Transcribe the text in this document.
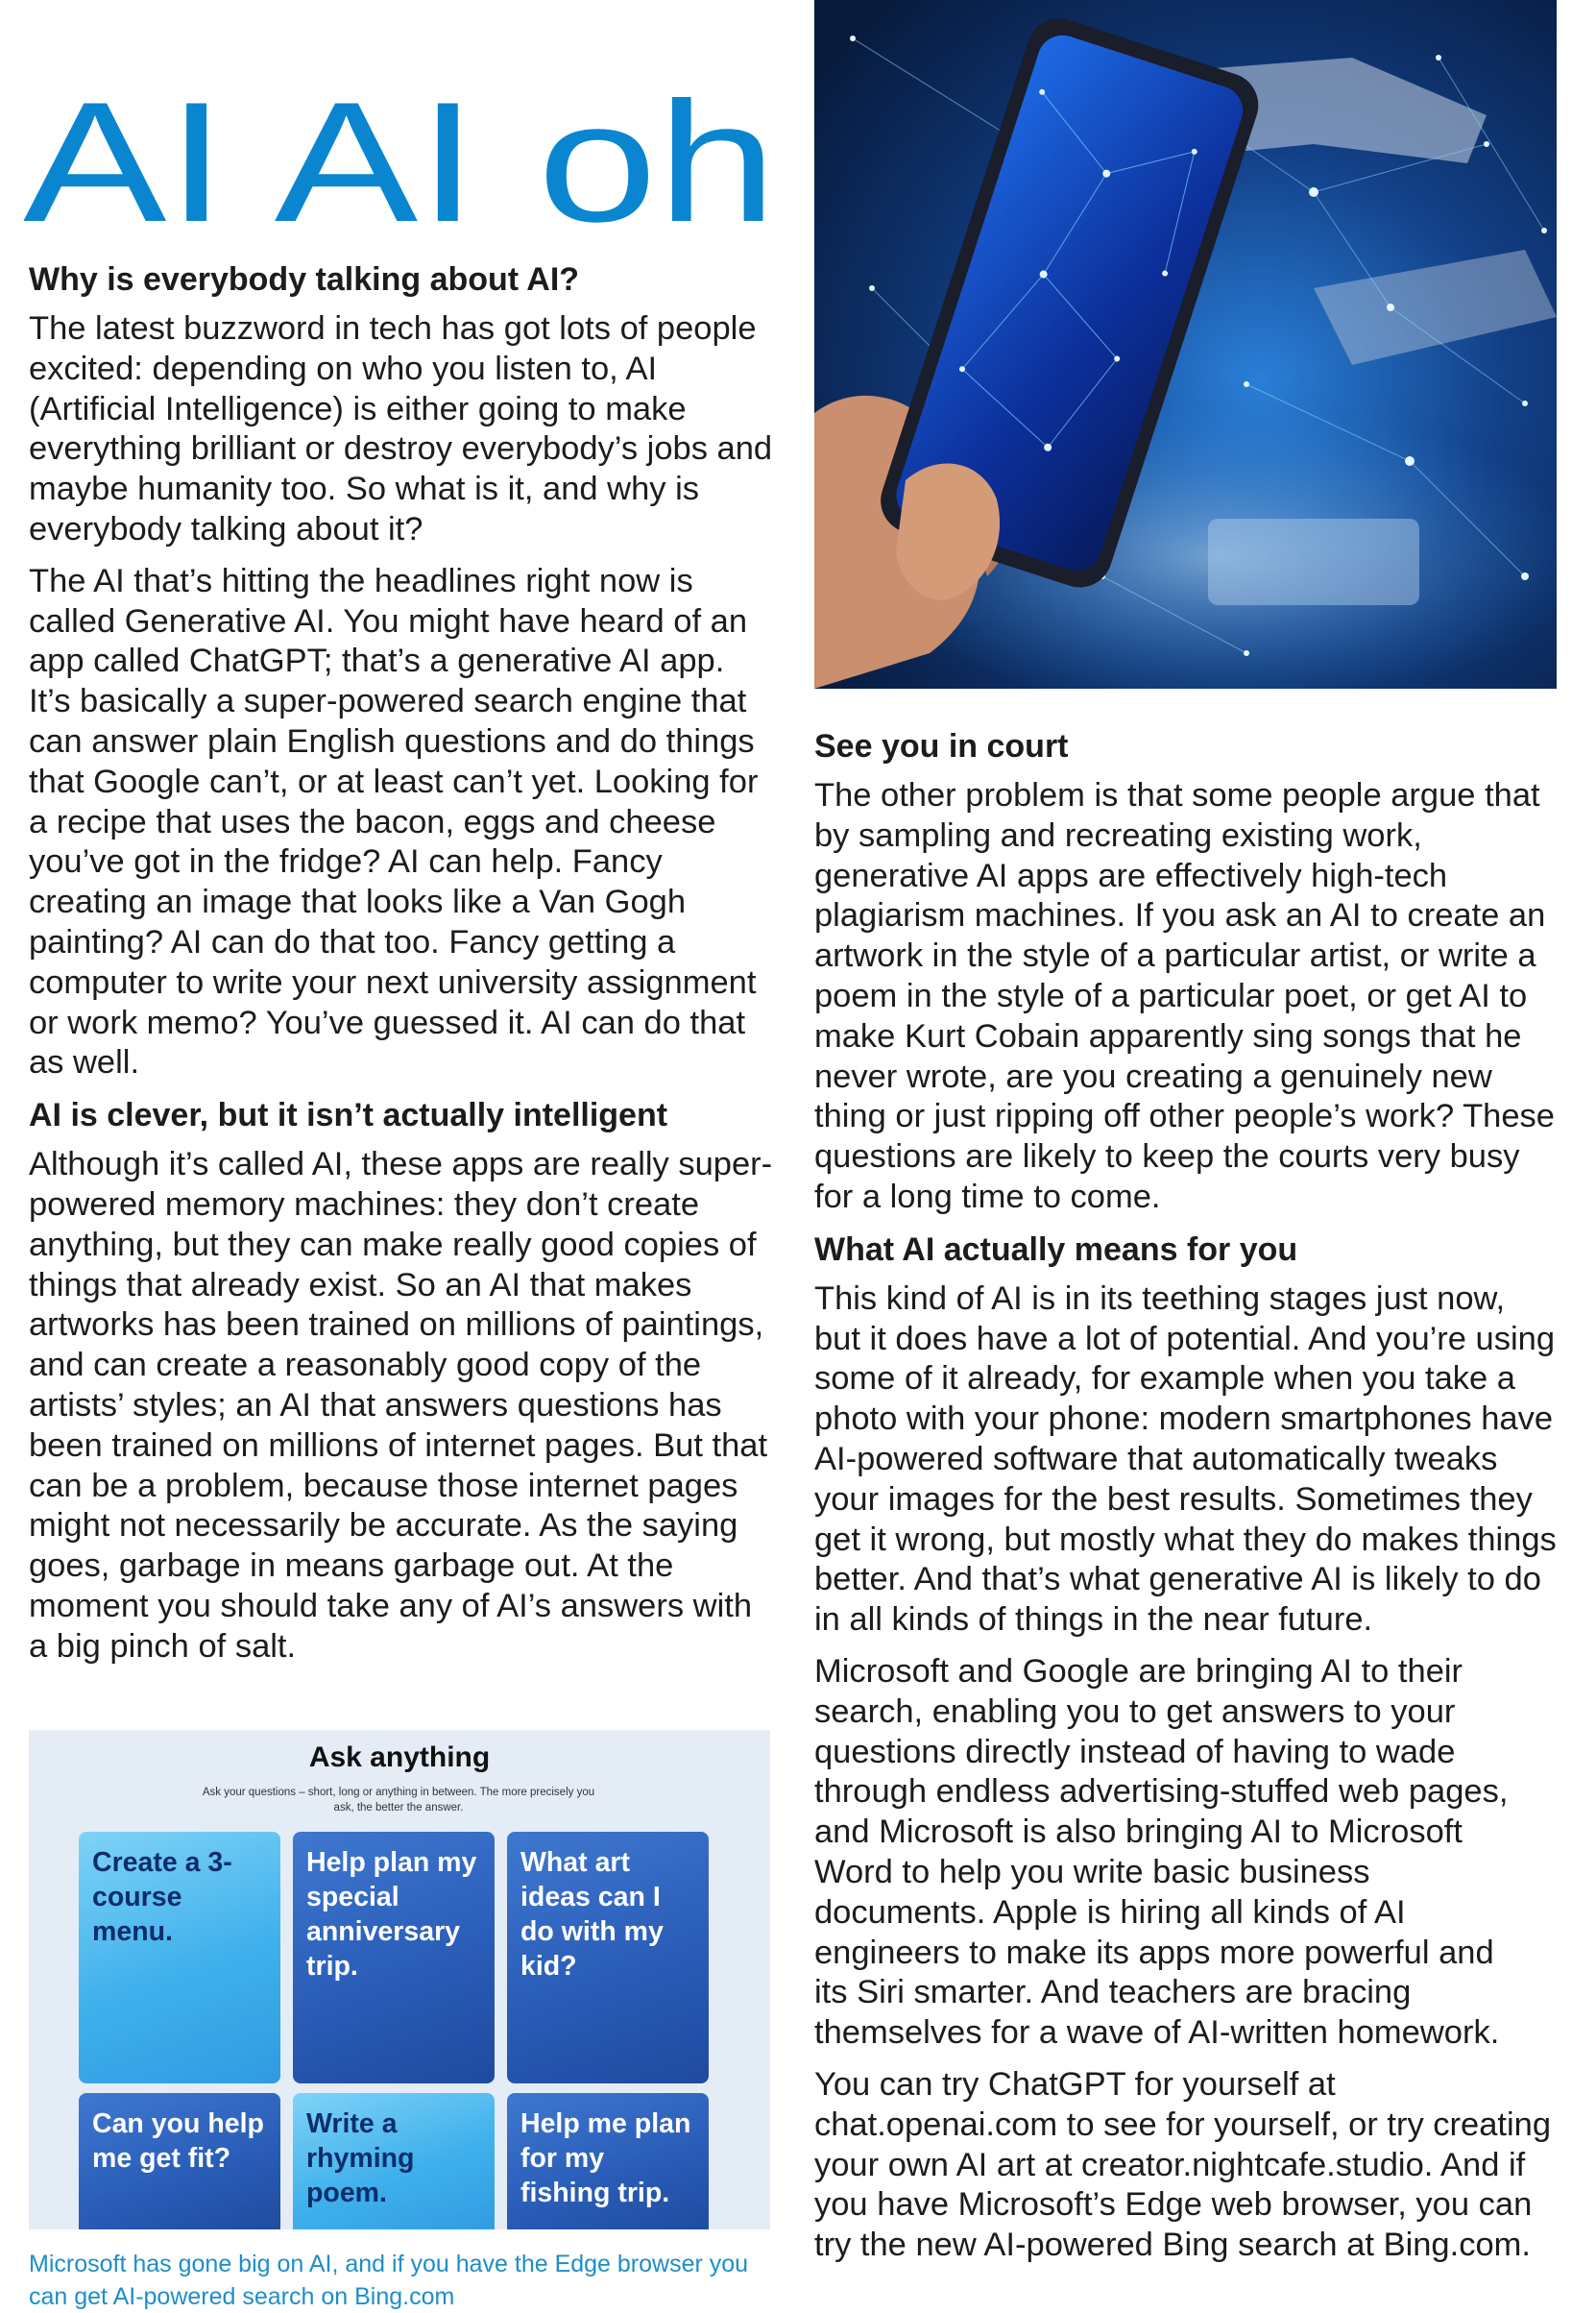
AI AI oh

Why is everybody talking about AI?

The latest buzzword in tech has got lots of people excited: depending on who you listen to, AI (Artificial Intelligence) is either going to make everything brilliant or destroy everybody’s jobs and maybe humanity too. So what is it, and why is everybody talking about it?

The AI that’s hitting the headlines right now is called Generative AI. You might have heard of an app called ChatGPT; that’s a generative AI app. It’s basically a super-powered search engine that can answer plain English questions and do things that Google can’t, or at least can’t yet. Looking for a recipe that uses the bacon, eggs and cheese you’ve got in the fridge? AI can help. Fancy creating an image that looks like a Van Gogh painting? AI can do that too. Fancy getting a computer to write your next university assignment or work memo? You’ve guessed it. AI can do that as well.

AI is clever, but it isn’t actually intelligent

Although it’s called AI, these apps are really super-powered memory machines: they don’t create anything, but they can make really good copies of things that already exist. So an AI that makes artworks has been trained on millions of paintings, and can create a reasonably good copy of the artists’ styles; an AI that answers questions has been trained on millions of internet pages. But that can be a problem, because those internet pages might not necessarily be accurate. As the saying goes, garbage in means garbage out. At the moment you should take any of AI’s answers with a big pinch of salt.

See you in court

The other problem is that some people argue that by sampling and recreating existing work, generative AI apps are effectively high-tech plagiarism machines. If you ask an AI to create an artwork in the style of a particular artist, or write a poem in the style of a particular poet, or get AI to make Kurt Cobain apparently sing songs that he never wrote, are you creating a genuinely new thing or just ripping off other people’s work? These questions are likely to keep the courts very busy for a long time to come.

What AI actually means for you

This kind of AI is in its teething stages just now, but it does have a lot of potential. And you’re using some of it already, for example when you take a photo with your phone: modern smartphones have AI-powered software that automatically tweaks your images for the best results. Sometimes they get it wrong, but mostly what they do makes things better. And that’s what generative AI is likely to do in all kinds of things in the near future.

Microsoft and Google are bringing AI to their search, enabling you to get answers to your questions directly instead of having to wade through endless advertising-stuffed web pages, and Microsoft is also bringing AI to Microsoft Word to help you write basic business documents. Apple is hiring all kinds of AI engineers to make its apps more powerful and its Siri smarter. And teachers are bracing themselves for a wave of AI-written homework.

You can try ChatGPT for yourself at chat.openai.com to see for yourself, or try creating your own AI art at creator.nightcafe.studio. And if you have Microsoft’s Edge web browser, you can try the new AI-powered Bing search at Bing.com.

Ask anything
Ask your questions – short, long or anything in between. The more precisely you ask, the better the answer.
Create a 3-course menu.
Help plan my special anniversary trip.
What art ideas can I do with my kid?
Can you help me get fit?
Write a rhyming poem.
Help me plan for my fishing trip.
Microsoft has gone big on AI, and if you have the Edge browser you can get AI-powered search on Bing.com
